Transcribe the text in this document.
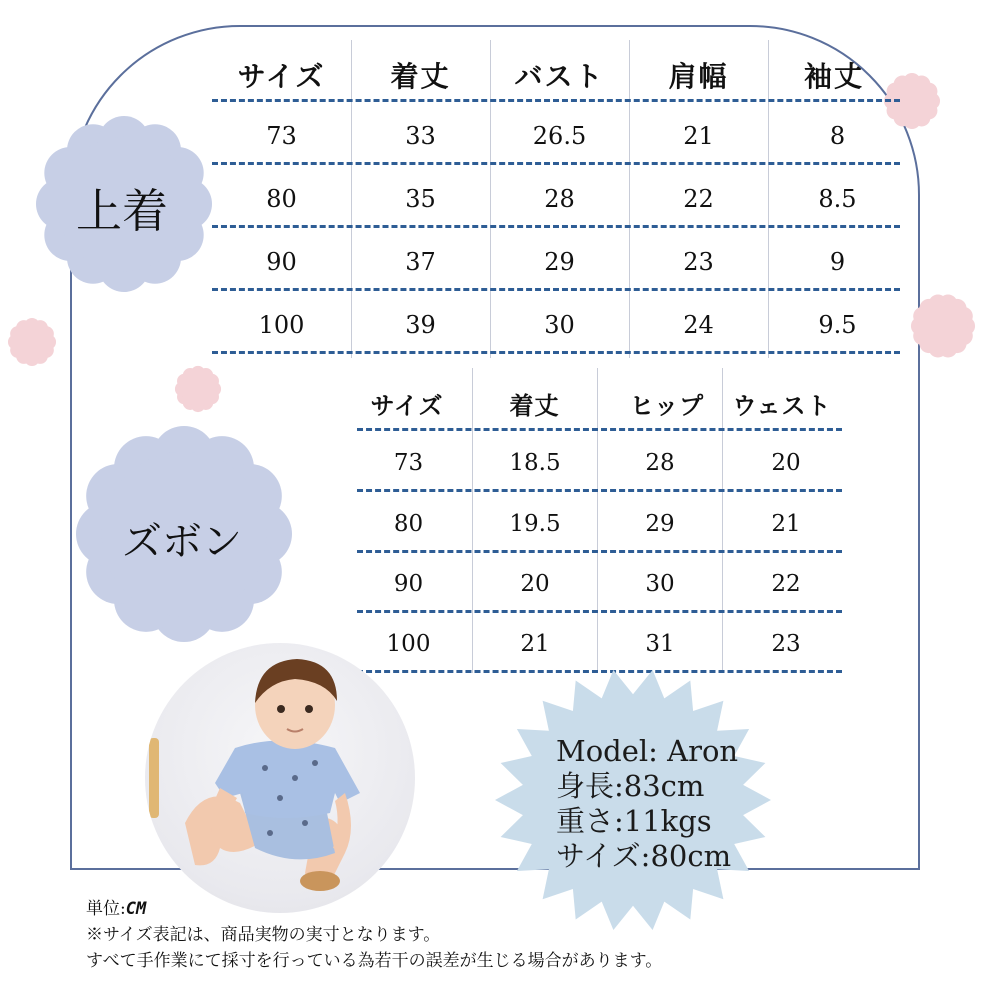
上着
ズボン
サイズ	着丈	バスト	肩幅	袖丈
73	33	26.5	21	8
80	35	28	22	8.5
90	37	29	23	9
100	39	30	24	9.5
サイズ	着丈	ヒップ	ウェスト
73	18.5	28	20
80	19.5	29	21
90	20	30	22
100	21	31	23
Model: Aron
身長:83cm
重さ:11kgs
サイズ:80cm
単位:CM
※サイズ表記は、商品実物の実寸となります。
すべて手作業にて採寸を行っている為若干の誤差が生じる場合があります。
